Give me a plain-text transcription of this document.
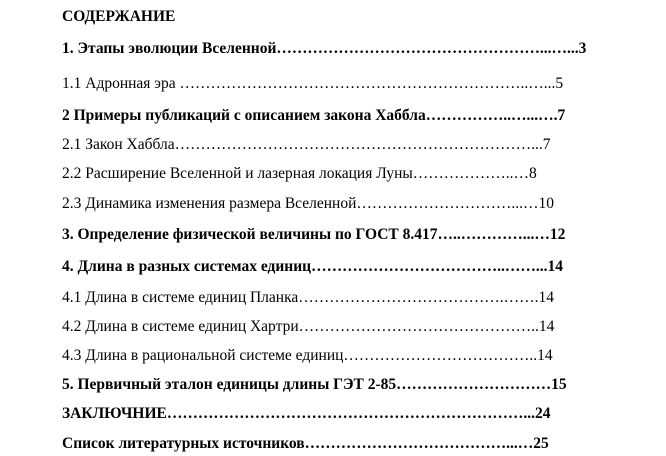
СОДЕРЖАНИЕ
1. Этапы эволюции Вселенной……………………………………………...…...3
1.1 Адронная эра …………………………………………………………..…...5
2 Примеры публикаций с описанием закона Хаббла……………..…...….7
2.1 Закон Хаббла……………………………………………………………...7
2.2 Расширение Вселенной и лазерная локация Луны………………..…8
2.3 Динамика изменения размера Вселенной…………………………...…10
3. Определение физической величины по ГОСТ 8.417…..…………...…12
4. Длина в разных системах единиц………………………………..……...14
4.1 Длина в системе единиц Планка………………………………….…….14
4.2 Длина в системе единиц Хартри………………………………………..14
4.3 Длина в рациональной системе единиц………………………………..14
5. Первичный эталон единицы длины ГЭТ 2-85…………………………15
ЗАКЛЮЧНИЕ……………………………………………………………...24
Список литературных источников…………………………………...…25
